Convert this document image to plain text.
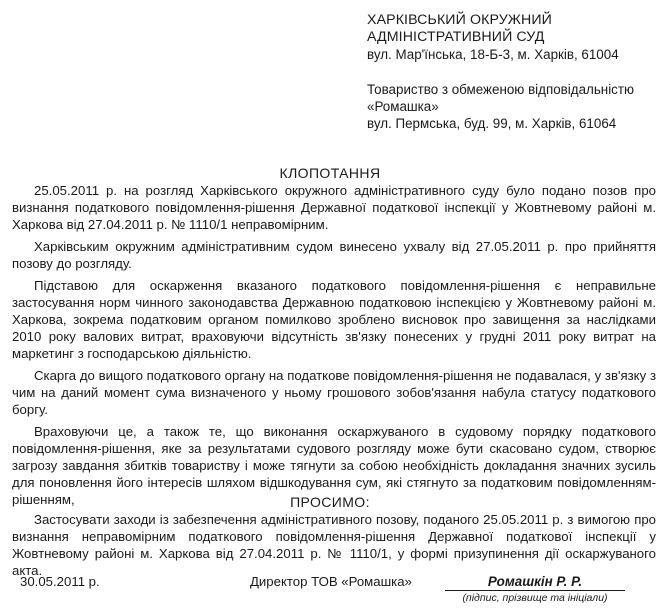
ХАРКІВСЬКИЙ ОКРУЖНИЙ
АДМІНІСТРАТИВНИЙ СУД
вул. Мар'їнська, 18-Б-3, м. Харків, 61004
Товариство з обмеженою відповідальністю
«Ромашка»
вул. Пермська, буд. 99, м. Харків, 61064
КЛОПОТАННЯ

25.05.2011 р. на розгляд Харківського окружного адміністративного суду було подано позов про визнання податкового повідомлення-рішення Державної податкової інспекції у Жовтневому районі м. Харкова від 27.04.2011 р. № 1110/1 неправомірним.

Харківським окружним адміністративним судом винесено ухвалу від 27.05.2011 р. про прийняття позову до розгляду.

Підставою для оскарження вказаного податкового повідомлення-рішення є неправильне застосування норм чинного законодавства Державною податковою інспекцією у Жовтневому районі м. Харкова, зокрема податковим органом помилково зроблено висновок про завищення за наслідками 2010 року валових витрат, враховуючи відсутність зв'язку понесених у грудні 2011 року витрат на маркетинг з господарською діяльністю.

Скарга до вищого податкового органу на податкове повідомлення-рішення не подавалася, у зв'язку з чим на даний момент сума визначеного у ньому грошового зобов'язання набула статусу податкового боргу.

Враховуючи це, а також те, що виконання оскаржуваного в судовому порядку податкового повідомлення-рішення, яке за результатами судового розгляду може бути скасовано судом, створює загрозу завдання збитків товариству і може тягнути за собою необхідність докладання значних зусиль для поновлення його інтересів шляхом відшкодування сум, які стягнуто за податковим повідомленням-рішенням,	ПРОСИМО:

Застосувати заходи із забезпечення адміністративного позову, поданого 25.05.2011 р. з вимогою про визнання неправомірним податкового повідомлення-рішення Державної податкової інспекції у Жовтневому районі м. Харкова від 27.04.2011 р. № 1110/1, у формі призупинення дії оскаржуваного акта.

30.05.2011 р.	Директор ТОВ «Ромашка»	Ромашкін Р. Р.
(підпис, прізвище та ініціали)
